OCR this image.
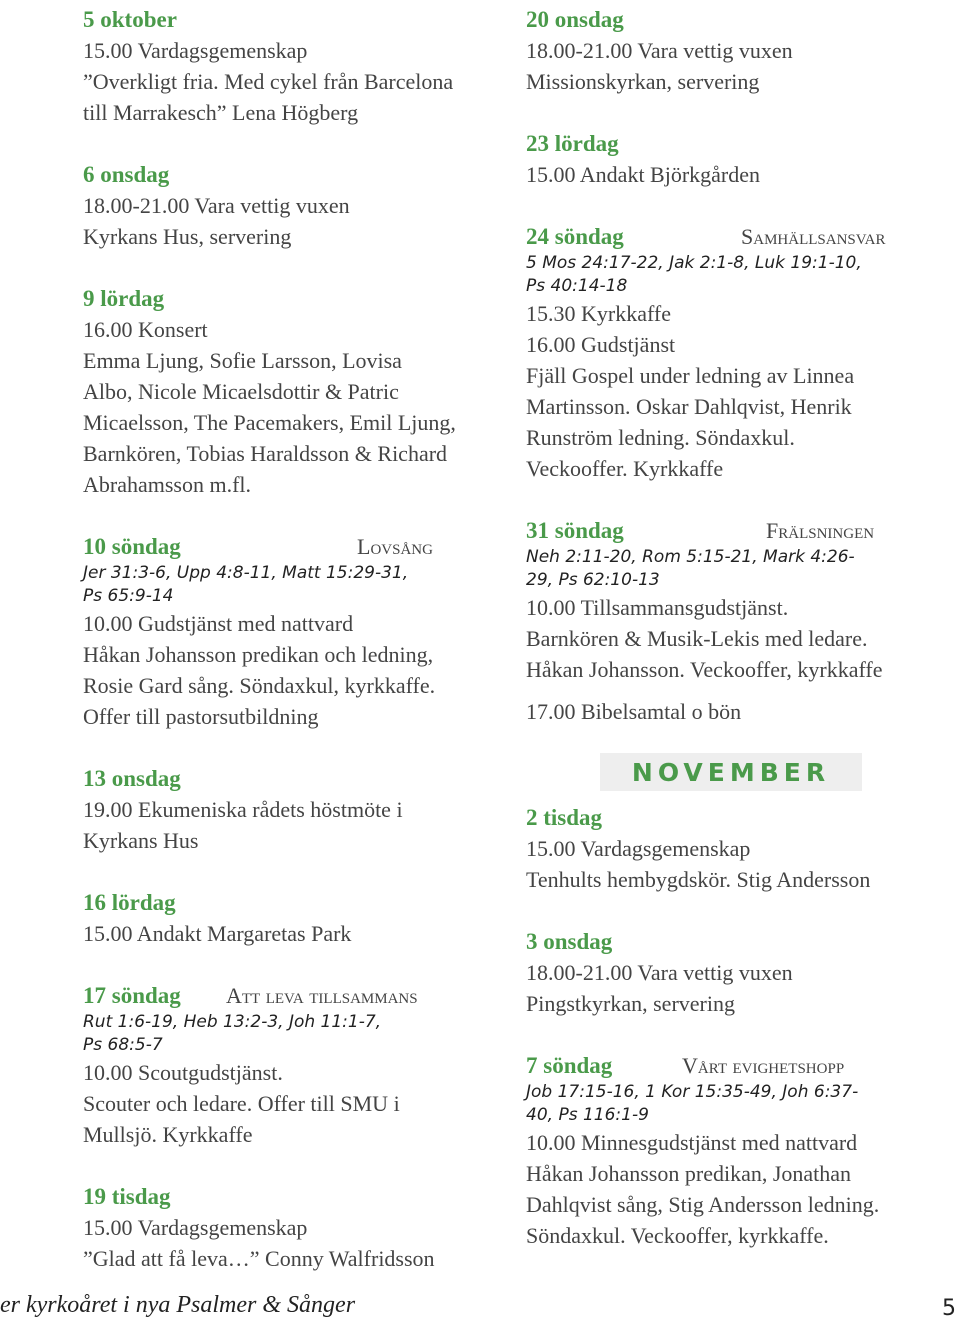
5 oktober
15.00 Vardagsgemenskap
”Overkligt fria. Med cykel från Barcelona
till Marrakesch” Lena Högberg
6 onsdag
18.00-21.00 Vara vettig vuxen
Kyrkans Hus, servering
9 lördag
16.00 Konsert
Emma Ljung, Sofie Larsson, Lovisa
Albo, Nicole Micaelsdottir & Patric
Micaelsson, The Pacemakers, Emil Ljung,
Barnkören, Tobias Haraldsson & Richard
Abrahamsson m.fl.
10 söndag	Lovsång
Jer 31:3-6, Upp 4:8-11, Matt 15:29-31,
Ps 65:9-14
10.00 Gudstjänst med nattvard
Håkan Johansson predikan och ledning,
Rosie Gard sång. Söndaxkul, kyrkkaffe.
Offer till pastorsutbildning
13 onsdag
19.00 Ekumeniska rådets höstmöte i
Kyrkans Hus
16 lördag
15.00 Andakt Margaretas Park
17 söndag	Att leva tillsammans
Rut 1:6-19, Heb 13:2-3, Joh 11:1-7,
Ps 68:5-7
10.00 Scoutgudstjänst.
Scouter och ledare. Offer till SMU i
Mullsjö. Kyrkkaffe
19 tisdag
15.00 Vardagsgemenskap
”Glad att få leva…” Conny Walfridsson
20 onsdag
18.00-21.00 Vara vettig vuxen
Missionskyrkan, servering
23 lördag
15.00 Andakt Björkgården
24 söndag	Samhällsansvar
5 Mos 24:17-22, Jak 2:1-8, Luk 19:1-10,
Ps 40:14-18
15.30 Kyrkkaffe
16.00 Gudstjänst
Fjäll Gospel under ledning av Linnea
Martinsson. Oskar Dahlqvist, Henrik
Runström ledning. Söndaxkul.
Veckooffer. Kyrkkaffe
31 söndag	Frälsningen
Neh 2:11-20, Rom 5:15-21, Mark 4:26-
29, Ps 62:10-13
10.00 Tillsammansgudstjänst.
Barnkören & Musik-Lekis med ledare.
Håkan Johansson. Veckooffer, kyrkkaffe
17.00 Bibelsamtal o bön
NOVEMBER
2 tisdag
15.00 Vardagsgemenskap
Tenhults hembygdskör. Stig Andersson
3 onsdag
18.00-21.00 Vara vettig vuxen
Pingstkyrkan, servering
7 söndag	Vårt evighetshopp
Job 17:15-16, 1 Kor 15:35-49, Joh 6:37-
40, Ps 116:1-9
10.00 Minnesgudstjänst med nattvard
Håkan Johansson predikan, Jonathan
Dahlqvist sång, Stig Andersson ledning.
Söndaxkul. Veckooffer, kyrkkaffe.
er kyrkoåret i nya Psalmer & Sånger	5
